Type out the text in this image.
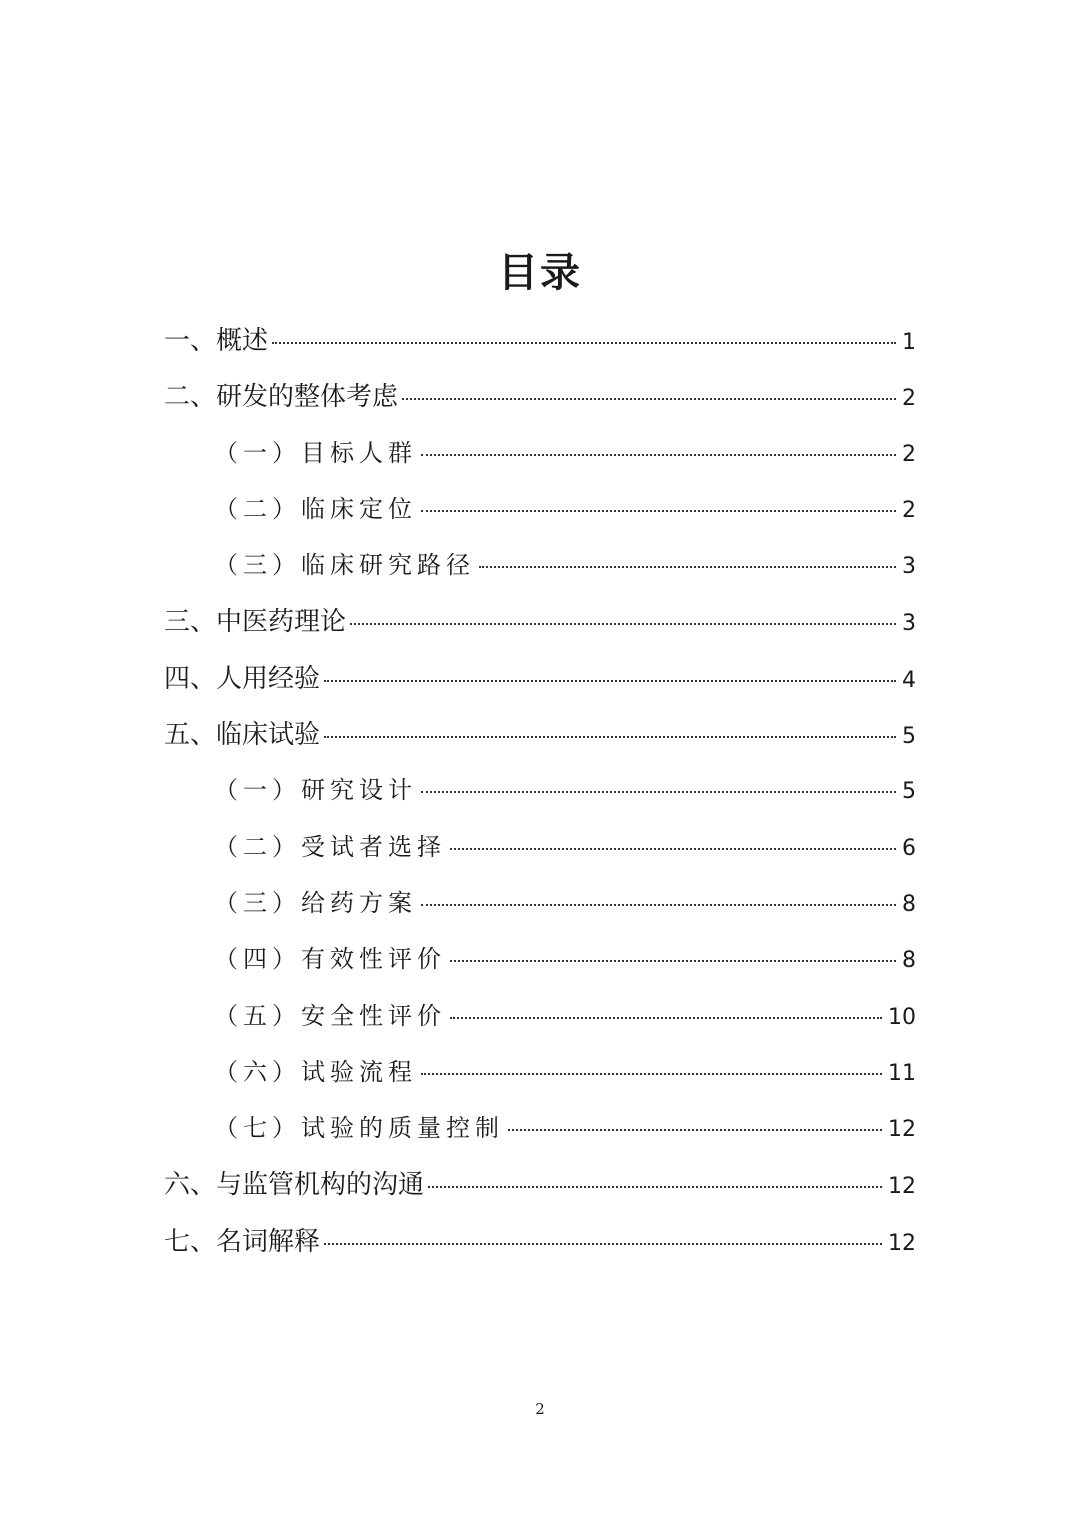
目录
一、概述	1
二、研发的整体考虑	2
（一）目标人群	2
（二）临床定位	2
（三）临床研究路径	3
三、中医药理论	3
四、人用经验	4
五、临床试验	5
（一）研究设计	5
（二）受试者选择	6
（三）给药方案	8
（四）有效性评价	8
（五）安全性评价	10
（六）试验流程	11
（七）试验的质量控制	12
六、与监管机构的沟通	12
七、名词解释	12
2
